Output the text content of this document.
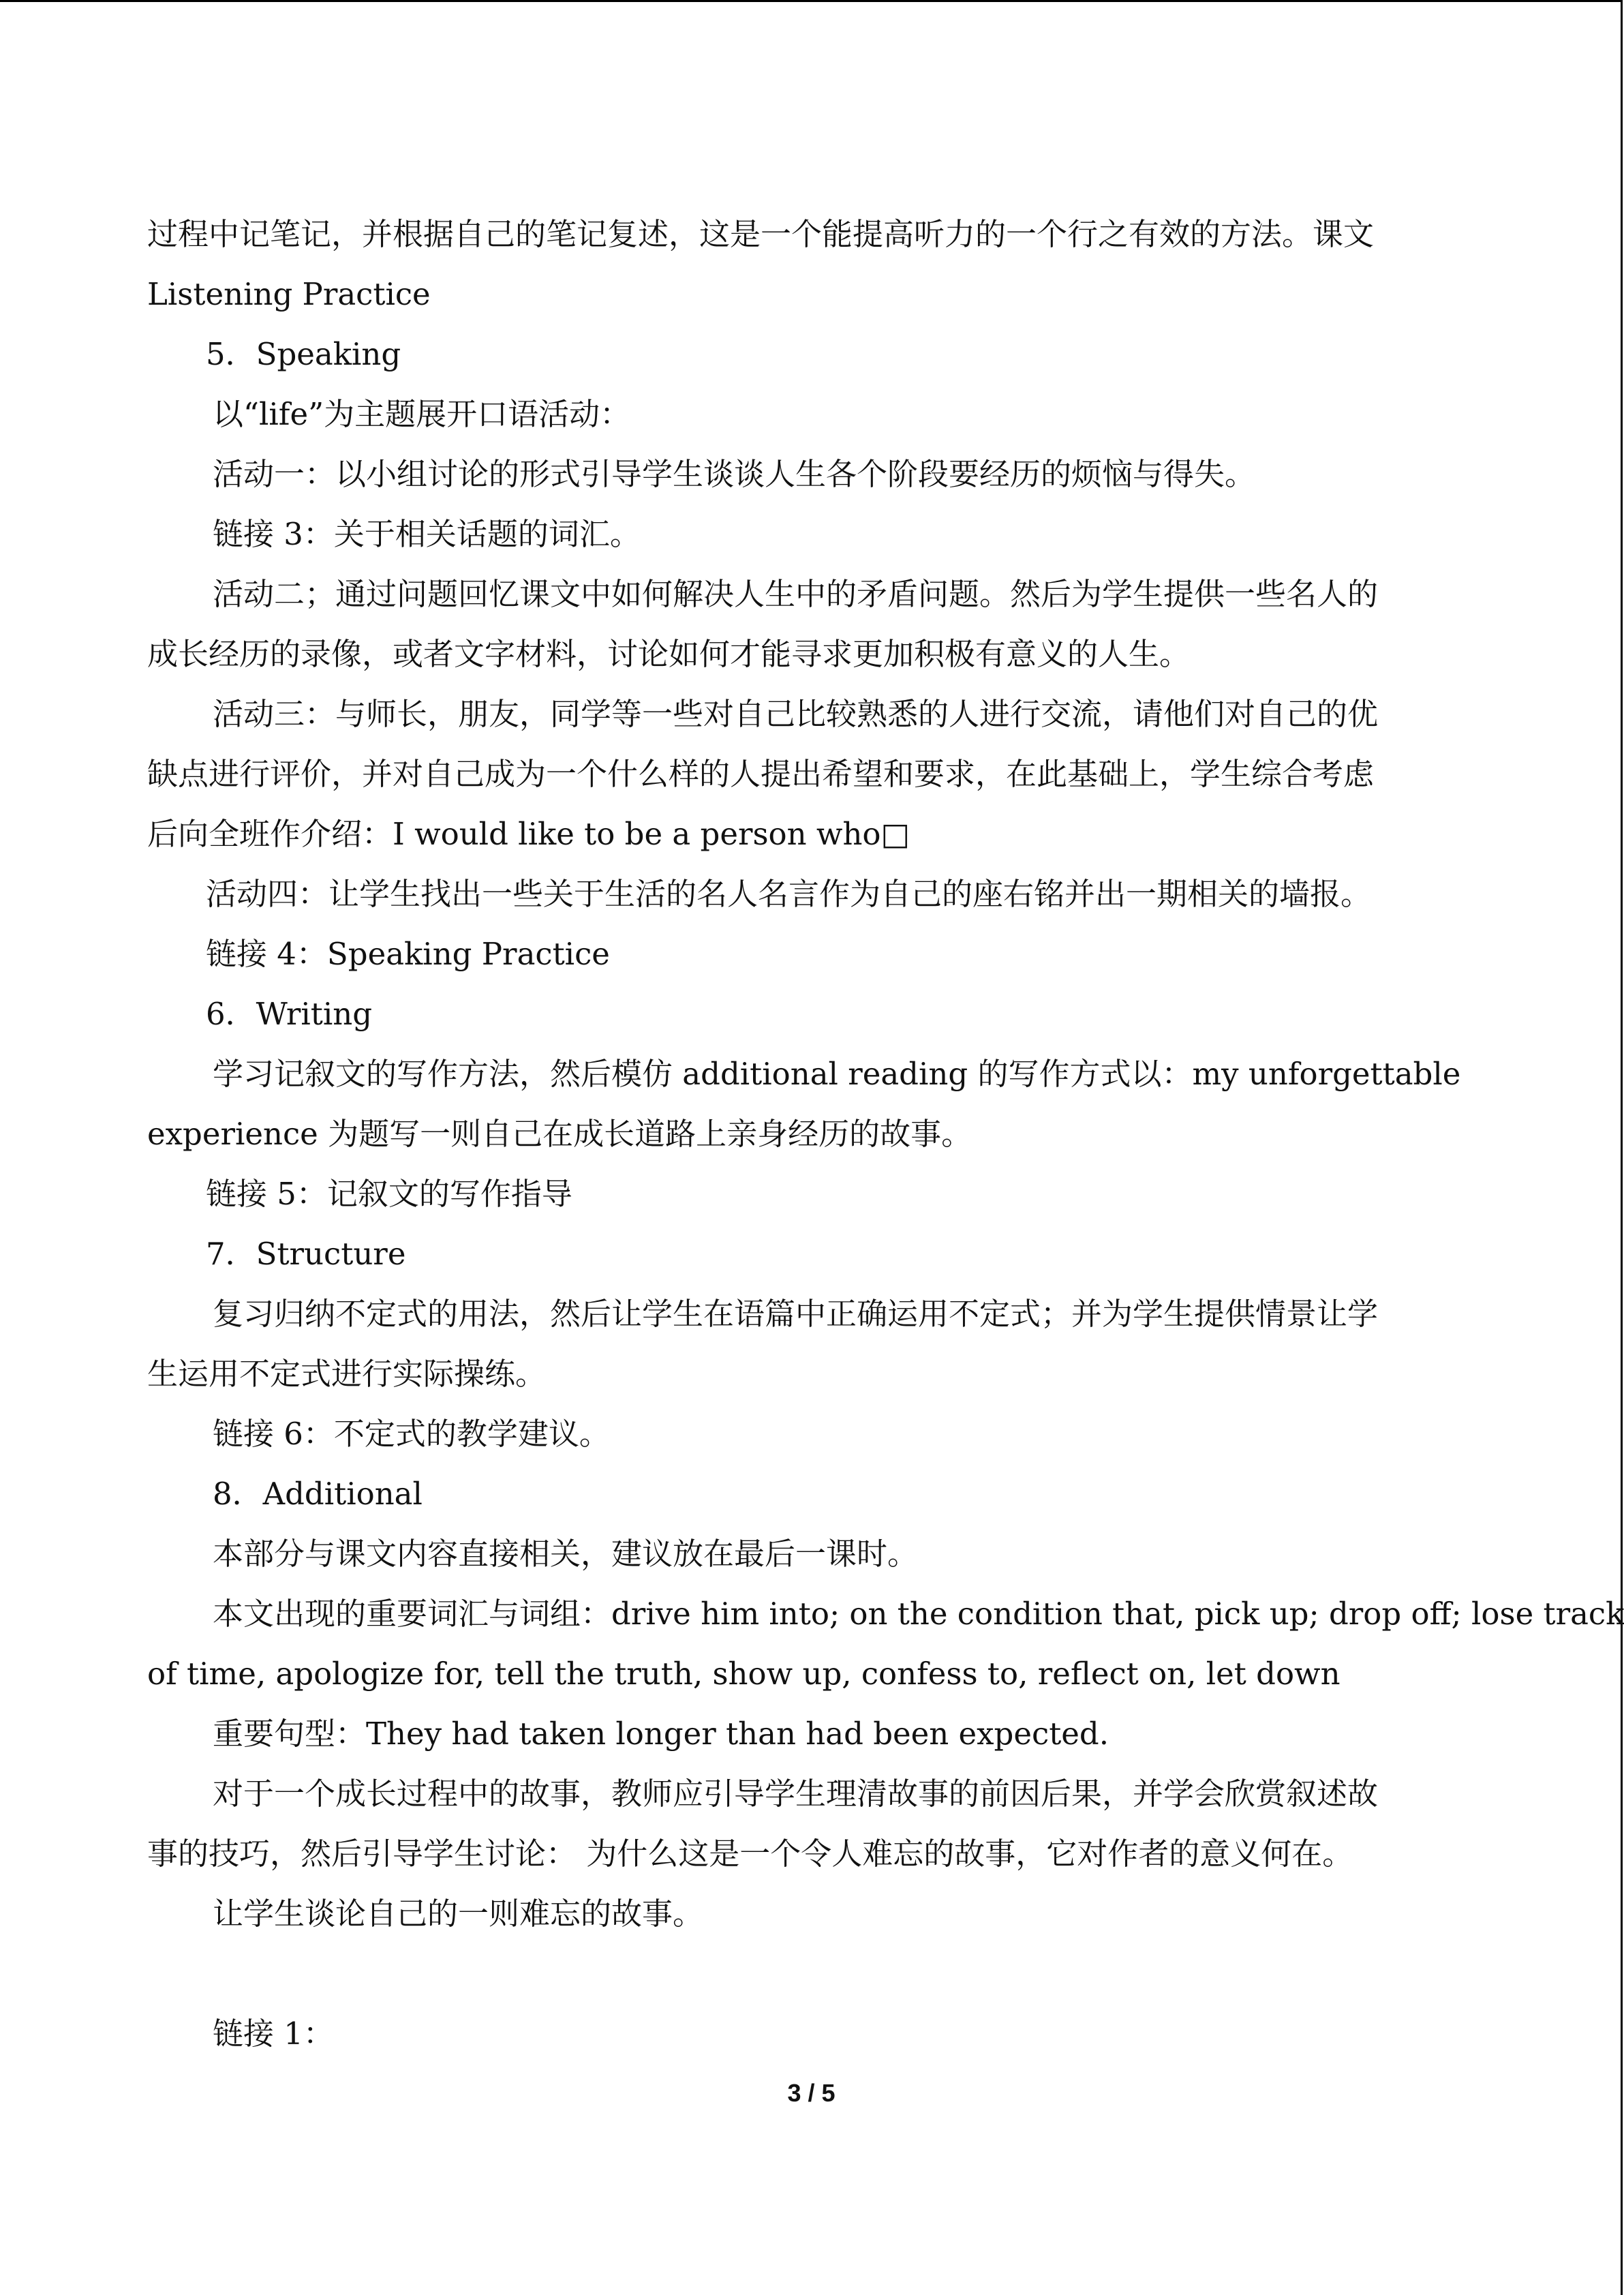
过程中记笔记，并根据自己的笔记复述，这是一个能提高听力的一个行之有效的方法。课文
Listening Practice
5．Speaking
以“life”为主题展开口语活动：
活动一：以小组讨论的形式引导学生谈谈人生各个阶段要经历的烦恼与得失。
链接 3：关于相关话题的词汇。
活动二；通过问题回忆课文中如何解决人生中的矛盾问题。然后为学生提供一些名人的
成长经历的录像，或者文字材料，讨论如何才能寻求更加积极有意义的人生。
活动三：与师长，朋友，同学等一些对自己比较熟悉的人进行交流，请他们对自己的优
缺点进行评价，并对自己成为一个什么样的人提出希望和要求，在此基础上，学生综合考虑
后向全班作介绍：I would like to be a person who□
活动四：让学生找出一些关于生活的名人名言作为自己的座右铭并出一期相关的墙报。
链接 4：Speaking Practice
6．Writing
学习记叙文的写作方法，然后模仿 additional reading 的写作方式以：my unforgettable
experience 为题写一则自己在成长道路上亲身经历的故事。
链接 5：记叙文的写作指导
7．Structure
复习归纳不定式的用法，然后让学生在语篇中正确运用不定式；并为学生提供情景让学
生运用不定式进行实际操练。
链接 6：不定式的教学建议。
8．Additional
本部分与课文内容直接相关，建议放在最后一课时。
本文出现的重要词汇与词组：drive him into; on the condition that, pick up; drop off; lose track
of time, apologize for, tell the truth, show up, confess to, reflect on, let down
重要句型：They had taken longer than had been expected.
对于一个成长过程中的故事，教师应引导学生理清故事的前因后果，并学会欣赏叙述故
事的技巧，然后引导学生讨论： 为什么这是一个令人难忘的故事，它对作者的意义何在。
让学生谈论自己的一则难忘的故事。
链接 1：
3 / 5
